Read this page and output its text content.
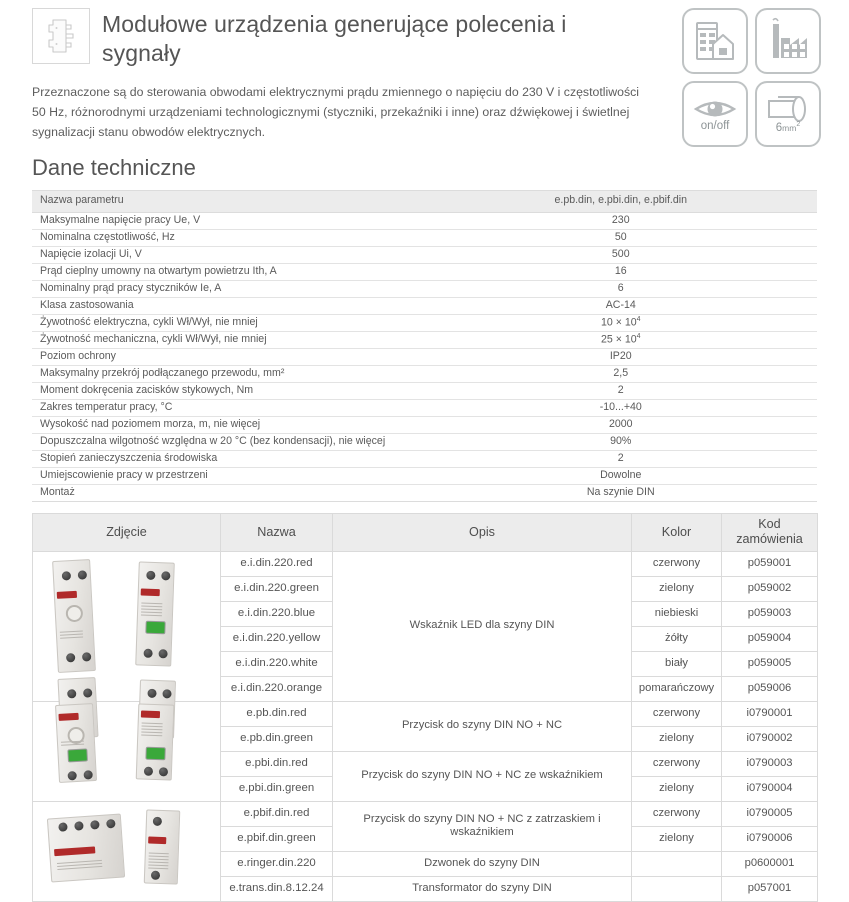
Modułowe urządzenia generujące polecenia i sygnały
on/off	$6mm^2$

Przeznaczone są do sterowania obwodami elektrycznymi prądu zmiennego o napięciu do 230 V i częstotliwości 50 Hz, różnorodnymi urządzeniami technologicznymi (styczniki, przekaźniki i inne) oraz dźwiękowej i świetlnej sygnalizacji stanu obwodów elektrycznych.

Dane techniczne
Nazwa parametru	e.pb.din, e.pbi.din, e.pbif.din
Maksymalne napięcie pracy Ue, V	230
Nominalna częstotliwość, Hz	50
Napięcie izolacji Ui, V	500
Prąd cieplny umowny na otwartym powietrzu Ith, A	16
Nominalny prąd pracy styczników Ie, A	6
Klasa zastosowania	AC-14
Żywotność elektryczna, cykli Wł/Wył, nie mniej	$10 \times 10^4$
Żywotność mechaniczna, cykli Wł/Wył, nie mniej	$25 \times 10^4$
Poziom ochrony	IP20
Maksymalny przekrój podłączanego przewodu, mm²	2,5
Moment dokręcenia zacisków stykowych, Nm	2
Zakres temperatur pracy, °C	-10...+40
Wysokość nad poziomem morza, m, nie więcej	2000
Dopuszczalna wilgotność względna w 20 °C (bez kondensacji), nie więcej	90%
Stopień zanieczyszczenia środowiska	2
Umiejscowienie pracy w przestrzeni	Dowolne
Montaż	Na szynie DIN
Zdjęcie	Nazwa	Opis	Kolor	Kod
zamówienia

	e.i.din.220.red	Wskaźnik LED dla szyny DIN	czerwony	p059001
	e.i.din.220.green		zielony	p059002
	e.i.din.220.blue		niebieski	p059003
	e.i.din.220.yellow		żółty	p059004
	e.i.din.220.white		biały	p059005
	e.i.din.220.orange		pomarańczowy	p059006

	e.pb.din.red	Przycisk do szyny DIN NO + NC	czerwony	i0790001
	e.pb.din.green		zielony	i0790002
	e.pbi.din.red	Przycisk do szyny DIN NO + NC ze wskaźnikiem	czerwony	i0790003
	e.pbi.din.green		zielony	i0790004

	e.pbif.din.red	Przycisk do szyny DIN NO + NC z zatrzaskiem i wskaźnikiem	czerwony	i0790005
	e.pbif.din.green		zielony	i0790006
	e.ringer.din.220	Dzwonek do szyny DIN		p0600001
	e.trans.din.8.12.24	Transformator do szyny DIN		p057001
